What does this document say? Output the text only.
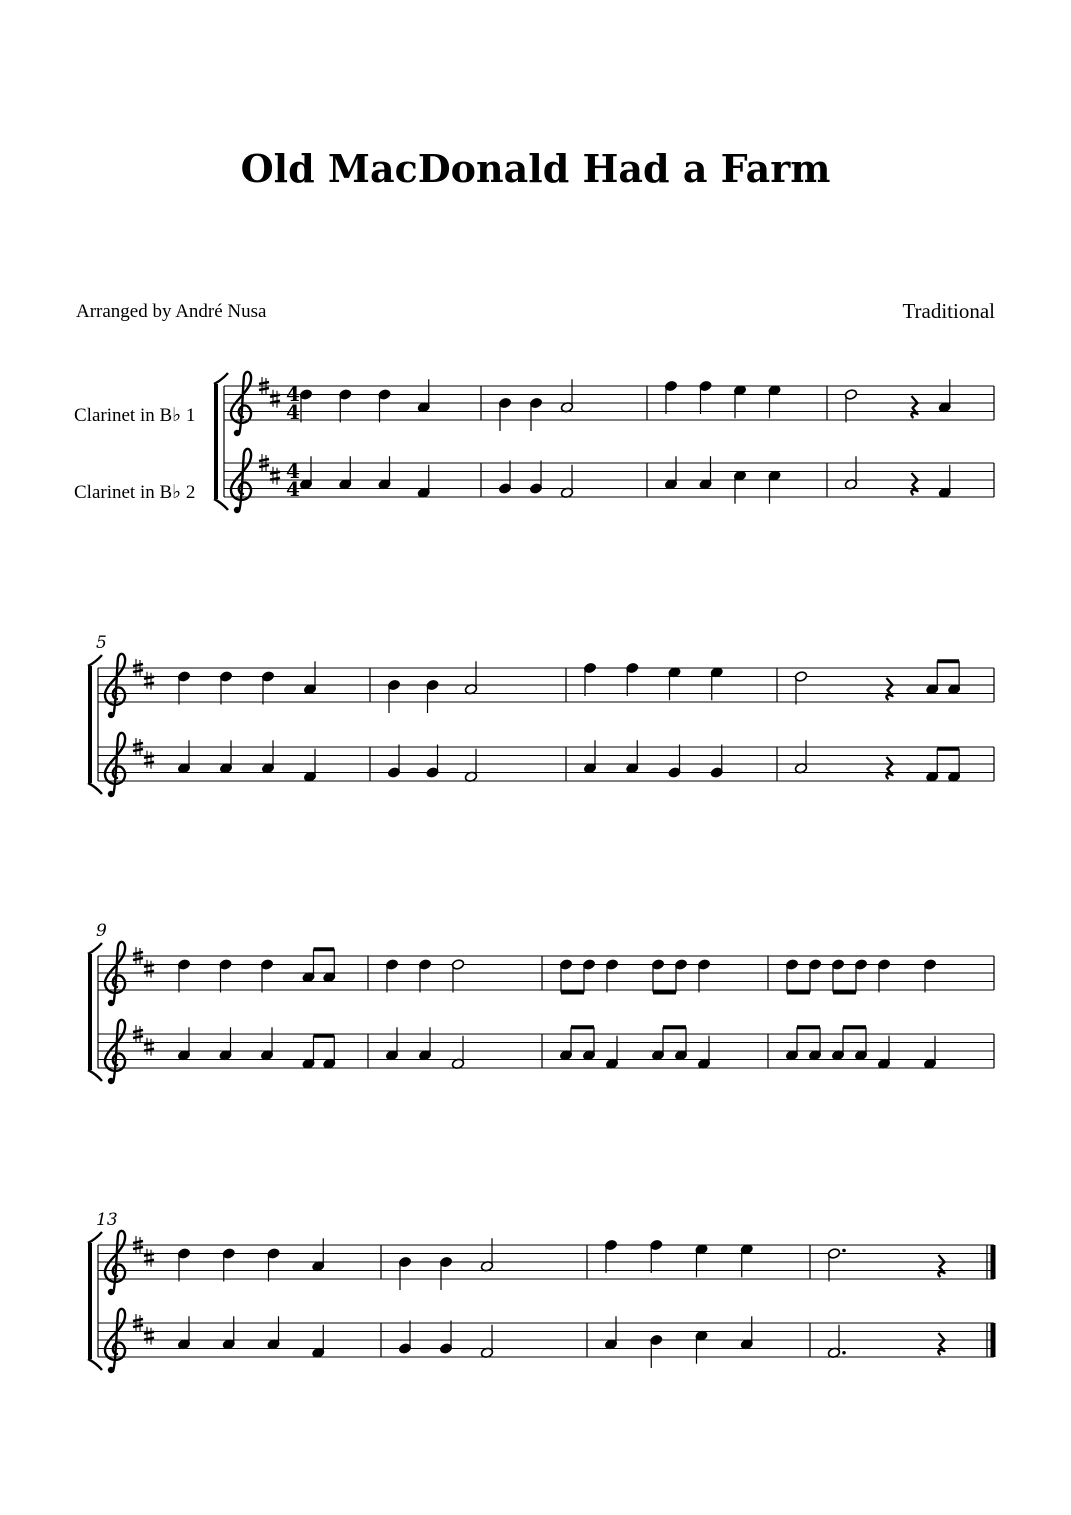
Old MacDonald Had a Farm
Arranged by André Nusa	Traditional
Clarinet in B♭ 1
Clarinet in B♭ 2
4
4
4
4
5
9
13
